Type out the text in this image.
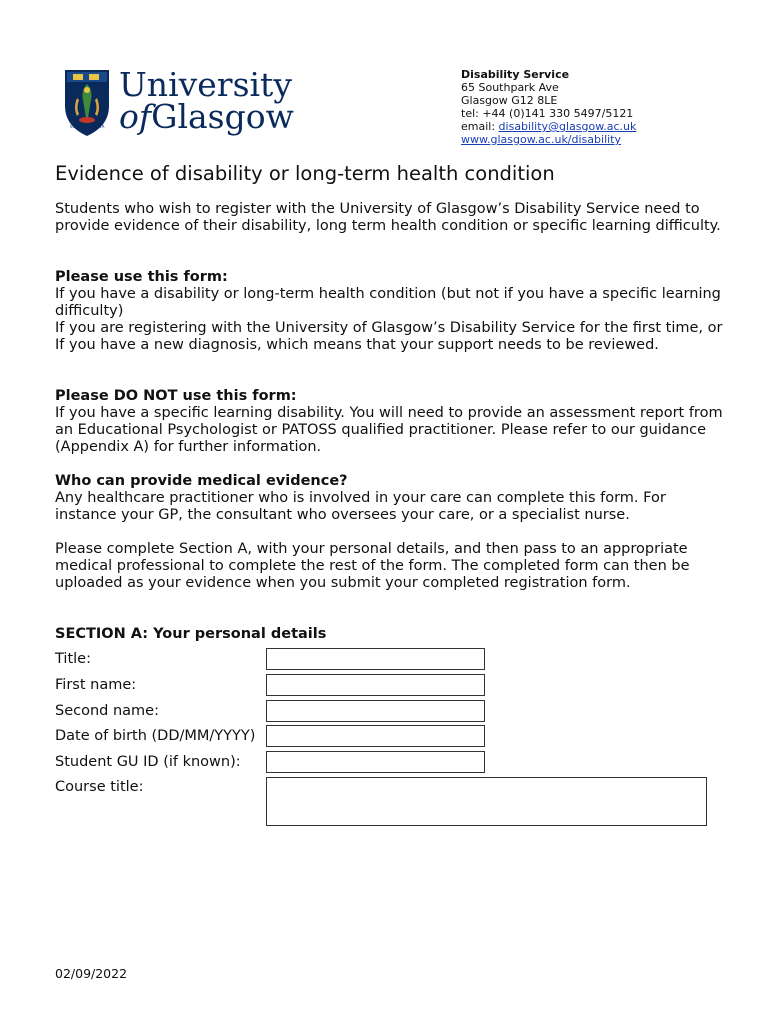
VIA VERITAS VITA
University
ofGlasgow
Disability Service
65 Southpark Ave
Glasgow G12 8LE
tel: +44 (0)141 330 5497/5121
email: disability@glasgow.ac.uk
www.glasgow.ac.uk/disability
Evidence of disability or long-term health condition

Students who wish to register with the University of Glasgow’s Disability Service need to provide evidence of their disability, long term health condition or specific learning difficulty.

Please use this form:
If you have a disability or long-term health condition (but not if you have a specific learning difficulty)
If you are registering with the University of Glasgow’s Disability Service for the first time, or
If you have a new diagnosis, which means that your support needs to be reviewed.
Please DO NOT use this form:
If you have a specific learning disability. You will need to provide an assessment report from an Educational Psychologist or PATOSS qualified practitioner. Please refer to our guidance (Appendix A) for further information.
Who can provide medical evidence?
Any healthcare practitioner who is involved in your care can complete this form. For instance your GP, the consultant who oversees your care, or a specialist nurse.

Please complete Section A, with your personal details, and then pass to an appropriate medical professional to complete the rest of the form. The completed form can then be uploaded as your evidence when you submit your completed registration form.

SECTION A: Your personal details
Title:
First name:
Second name:
Date of birth (DD/MM/YYYY)
Student GU ID (if known):
Course title:
02/09/2022
